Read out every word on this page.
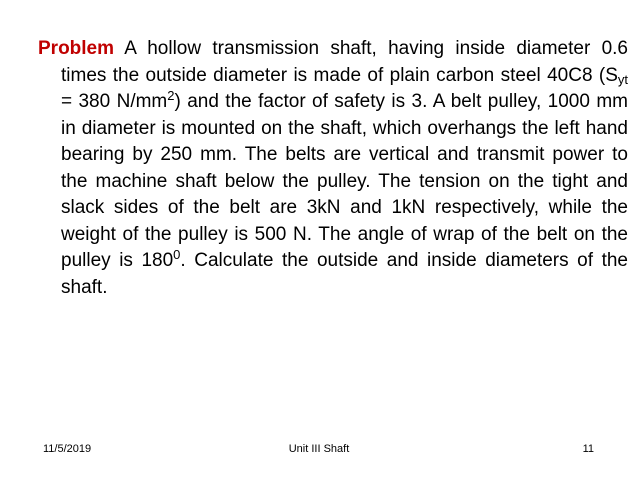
Problem A hollow transmission shaft, having inside diameter 0.6 times the outside diameter is made of plain carbon steel 40C8 ($S_{yt} = 380$ $N/mm^2$) and the factor of safety is 3. A belt pulley, 1000 mm in diameter is mounted on the shaft, which overhangs the left hand bearing by 250 mm. The belts are vertical and transmit power to the machine shaft below the pulley. The tension on the tight and slack sides of the belt are 3kN and 1kN respectively, while the weight of the pulley is 500 N. The angle of wrap of the belt on the pulley is $180^0$. Calculate the outside and inside diameters of the shaft.

11/5/2019	Unit III Shaft	11
